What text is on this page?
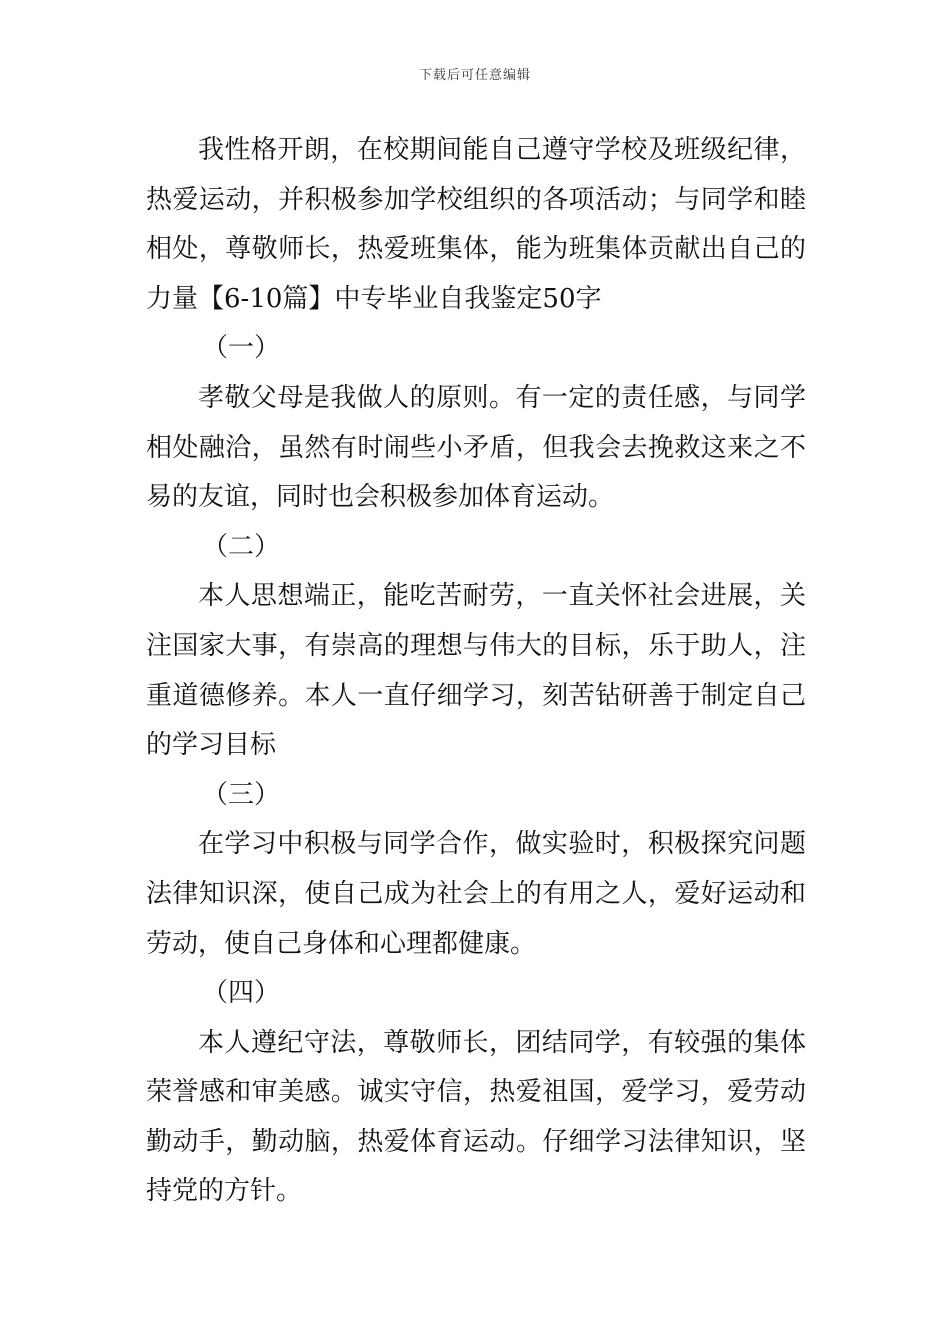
下载后可任意编辑
我性格开朗，在校期间能自己遵守学校及班级纪律，
热爱运动，并积极参加学校组织的各项活动；与同学和睦
相处，尊敬师长，热爱班集体，能为班集体贡献出自己的
力量【6-10篇】中专毕业自我鉴定50字
（一）
孝敬父母是我做人的原则。有一定的责任感，与同学
相处融洽，虽然有时闹些小矛盾，但我会去挽救这来之不
易的友谊，同时也会积极参加体育运动。
（二）
本人思想端正，能吃苦耐劳，一直关怀社会进展，关
注国家大事，有崇高的理想与伟大的目标，乐于助人，注
重道德修养。本人一直仔细学习，刻苦钻研善于制定自己
的学习目标
（三）
在学习中积极与同学合作，做实验时，积极探究问题
法律知识深，使自己成为社会上的有用之人，爱好运动和
劳动，使自己身体和心理都健康。
（四）
本人遵纪守法，尊敬师长，团结同学，有较强的集体
荣誉感和审美感。诚实守信，热爱祖国，爱学习，爱劳动
勤动手，勤动脑，热爱体育运动。仔细学习法律知识，坚
持党的方针。
